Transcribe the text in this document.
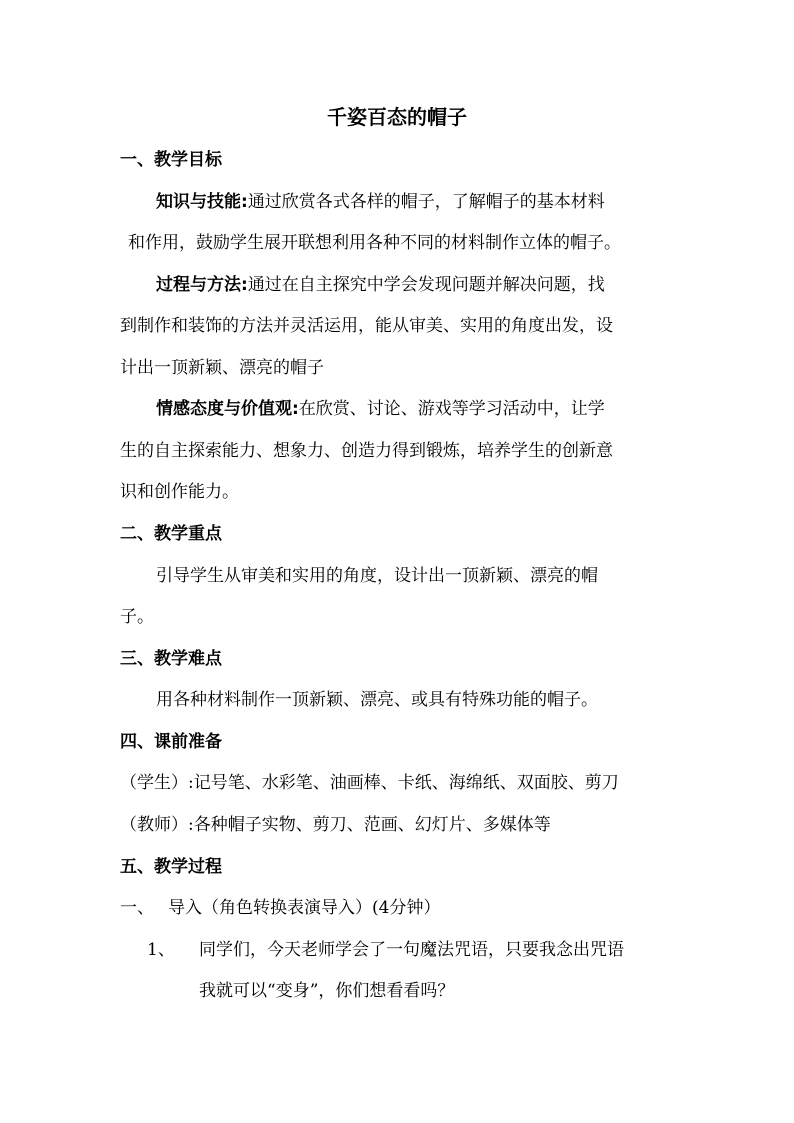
千姿百态的帽子
一、教学目标
知识与技能:通过欣赏各式各样的帽子，了解帽子的基本材料
和作用，鼓励学生展开联想利用各种不同的材料制作立体的帽子。
过程与方法:通过在自主探究中学会发现问题并解决问题，找
到制作和装饰的方法并灵活运用，能从审美、实用的角度出发，设
计出一顶新颖、漂亮的帽子
情感态度与价值观:在欣赏、讨论、游戏等学习活动中，让学
生的自主探索能力、想象力、创造力得到锻炼，培养学生的创新意
识和创作能力。
二、教学重点
引导学生从审美和实用的角度，设计出一顶新颖、漂亮的帽
子。
三、教学难点
用各种材料制作一顶新颖、漂亮、或具有特殊功能的帽子。
四、课前准备
（学生）:记号笔、水彩笔、油画棒、卡纸、海绵纸、双面胶、剪刀
（教师）:各种帽子实物、剪刀、范画、幻灯片、多媒体等
五、教学过程
一、 导入（角色转换表演导入）(4分钟）
1、 同学们，今天老师学会了一句魔法咒语，只要我念出咒语
我就可以“变身”，你们想看看吗？
